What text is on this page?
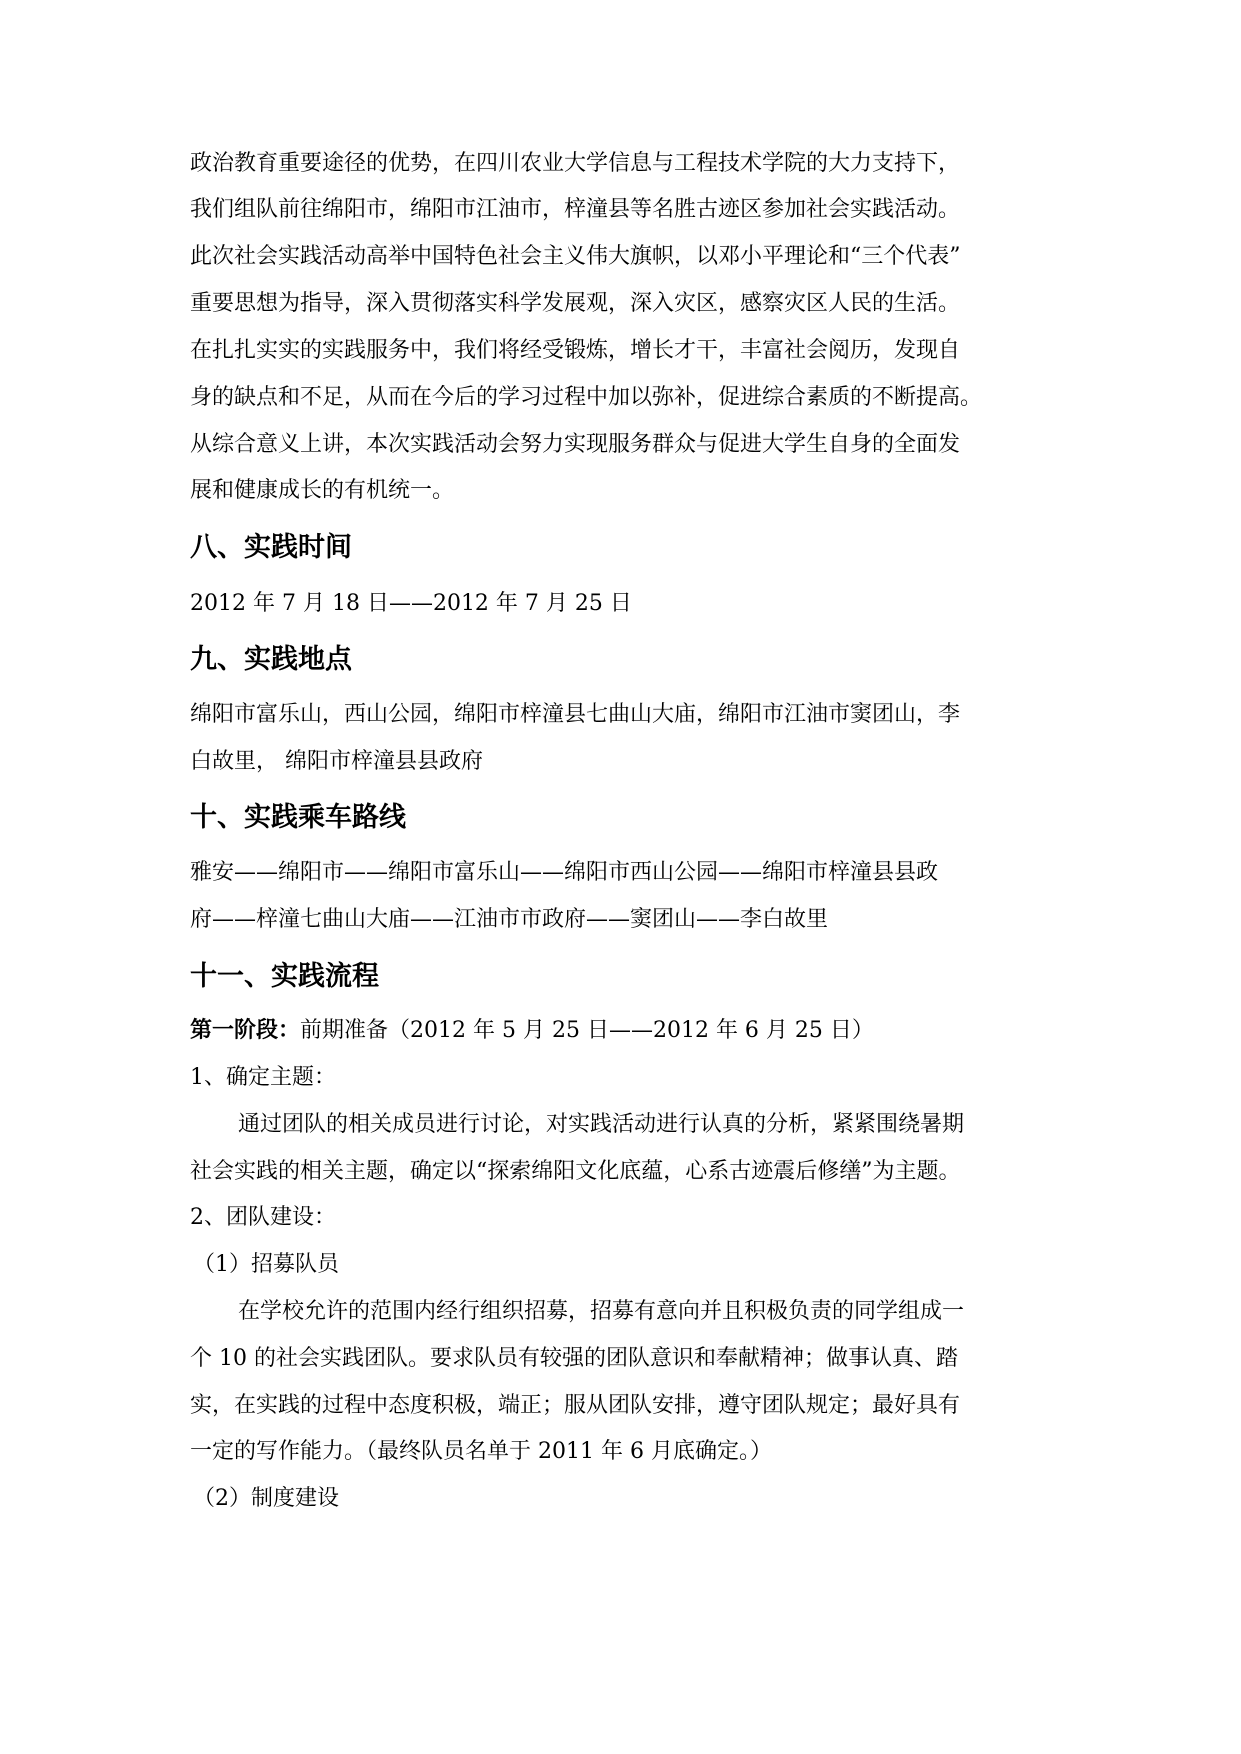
政治教育重要途径的优势，在四川农业大学信息与工程技术学院的大力支持下，
我们组队前往绵阳市，绵阳市江油市，梓潼县等名胜古迹区参加社会实践活动。
此次社会实践活动高举中国特色社会主义伟大旗帜，以邓小平理论和“三个代表”
重要思想为指导，深入贯彻落实科学发展观，深入灾区，感察灾区人民的生活。
在扎扎实实的实践服务中，我们将经受锻炼，增长才干，丰富社会阅历，发现自
身的缺点和不足，从而在今后的学习过程中加以弥补，促进综合素质的不断提高。
从综合意义上讲，本次实践活动会努力实现服务群众与促进大学生自身的全面发
展和健康成长的有机统一。
八、实践时间
2012 年 7 月 18 日——2012 年 7 月 25 日
九、实践地点
绵阳市富乐山，西山公园，绵阳市梓潼县七曲山大庙，绵阳市江油市窦团山，李
白故里， 绵阳市梓潼县县政府
十、实践乘车路线
雅安——绵阳市——绵阳市富乐山——绵阳市西山公园——绵阳市梓潼县县政
府——梓潼七曲山大庙——江油市市政府——窦团山——李白故里
十一、实践流程
第一阶段：前期准备（2012 年 5 月 25 日——2012 年 6 月 25 日）
1、确定主题：
通过团队的相关成员进行讨论，对实践活动进行认真的分析，紧紧围绕暑期
社会实践的相关主题，确定以“探索绵阳文化底蕴，心系古迹震后修缮”为主题。
2、团队建设：
（1）招募队员
在学校允许的范围内经行组织招募，招募有意向并且积极负责的同学组成一
个 10 的社会实践团队。要求队员有较强的团队意识和奉献精神；做事认真、踏
实，在实践的过程中态度积极，端正；服从团队安排，遵守团队规定；最好具有
一定的写作能力。（最终队员名单于 2011 年 6 月底确定。）
（2）制度建设
